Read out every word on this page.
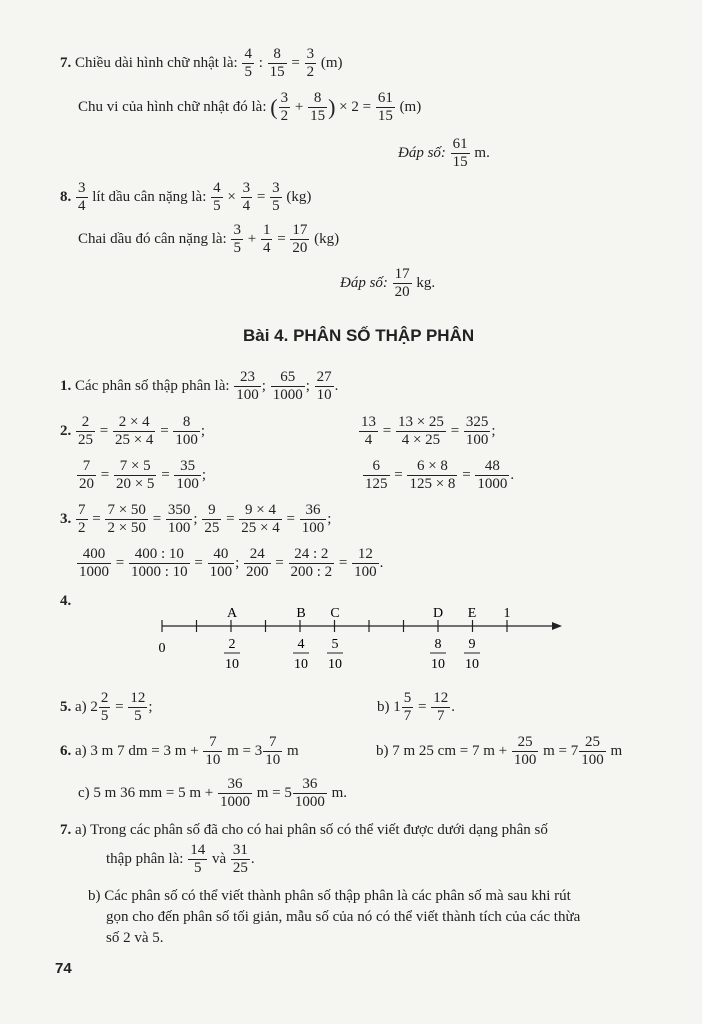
7. Chiều dài hình chữ nhật là: $\frac{4}{5}$ : $\frac{8}{15} = \frac{3}{2} (m)$
Chu vi của hình chữ nhật đó là: ( $\frac{3}{2} + \frac{8}{15}$ ) × $2 = \frac{61}{15} (m)$
Đáp số: $\frac{61}{15} m$.
8. $\frac{3}{4}$ lít dầu cân nặng là: $\frac{4}{5} \times \frac{3}{4} = \frac{3}{5} (kg)$
Chai dầu đó cân nặng là: $\frac{3}{5} + \frac{1}{4} = \frac{17}{20} (kg)$
Đáp số: $\frac{17}{20}$ kg.
Bài 4. PHÂN SỐ THẬP PHÂN
1. Các phân số thập phân là: $\frac{23}{100}$ ; $\frac{65}{1000}$ ; $\frac{27}{10}$ .
2. $\frac{2}{25} = \frac{2 \times 4}{25 \times 4} = \frac{8}{100}$ ;	$\frac{13}{4} = \frac{13 \times 25}{4 \times 25} = \frac{325}{100}$ ;
$\frac{7}{20} = \frac{7 \times 5}{20 \times 5} = \frac{35}{100}$ ;	$\frac{6}{125} = \frac{6 \times 8}{125 \times 8} = \frac{48}{1000}$ .
3. $\frac{7}{2} = \frac{7 \times 50}{2 \times 50} = \frac{350}{100}$ ; $\frac{9}{25} = \frac{9 \times 4}{25 \times 4} = \frac{36}{100}$ ;
$\frac{400}{1000} = \frac{400 : 10}{1000 : 10} = \frac{40}{100}$ ; $\frac{24}{200} = \frac{24 : 2}{200 : 2} = \frac{12}{100}$ .
4.
0
A	B C	D E 1
2
10
4
10
5
10
8
10
9
10
5. a) $2 \frac{2}{5} = \frac{12}{5}$ ;	b) $1 \frac{5}{7} = \frac{12}{7}$ .
6. a) 3 m 7 dm = 3 $m + \frac{7}{10}$ $m = 3 \frac{7}{10}$ m	b) 7 m 25 cm = 7 $m + \frac{25}{100}$ $m = 7 \frac{25}{100}$ m
c) 5 m 36 mm = 5 $m + \frac{36}{1000}$ $m = 5 \frac{36}{1000} m$.
7. a) Trong các phân số đã cho có hai phân số có thể viết được dưới dạng phân số
thập phân là: $\frac{14}{5}$ và $\frac{31}{25}$ .
b) Các phân số có thể viết thành phân số thập phân là các phân số mà sau khi rút
gọn cho đến phân số tối giản, mẫu số của nó có thể viết thành tích của các thừa
số 2 và 5.
74
